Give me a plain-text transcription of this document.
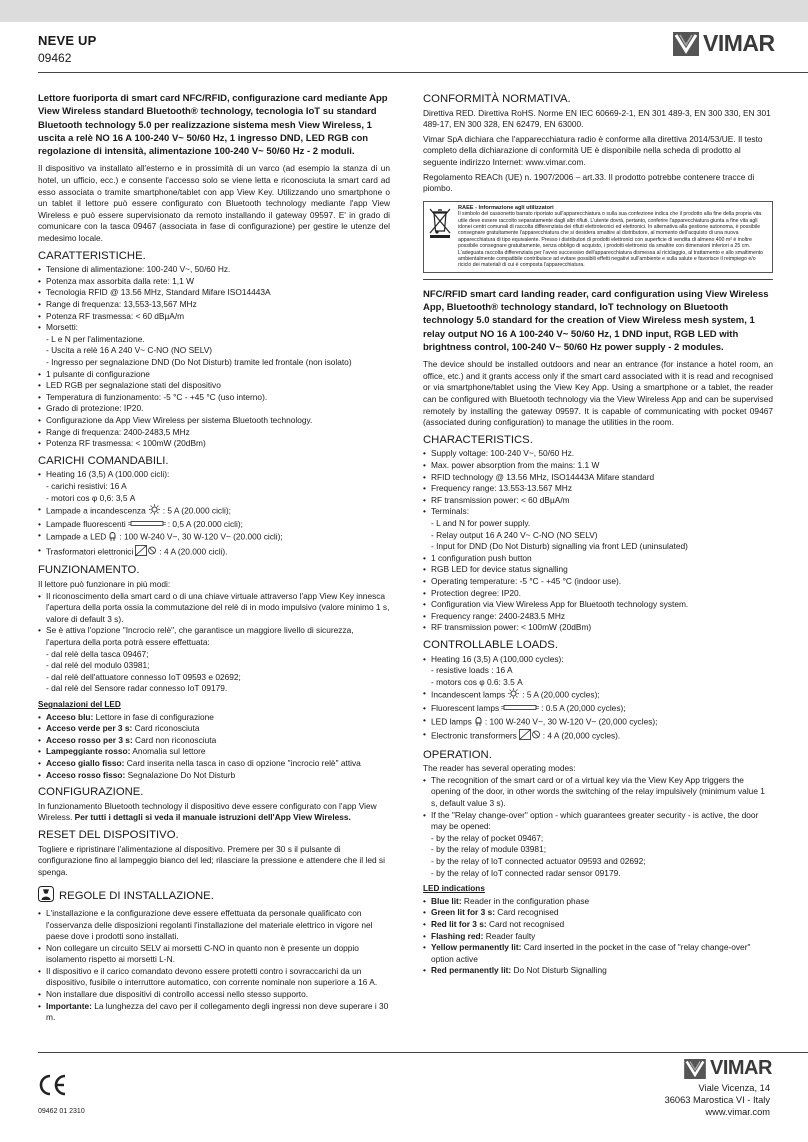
NEVE UP
09462
VIMAR

Lettore fuoriporta di smart card NFC/RFID, configurazione card mediante App View Wireless standard Bluetooth® technology, tecnologia IoT su standard Bluetooth technology 5.0 per realizzazione sistema mesh View Wireless, 1 uscita a relè NO 16 A 100-240 V~ 50/60 Hz, 1 ingresso DND, LED RGB con regolazione di intensità, alimentazione 100-240 V~ 50/60 Hz - 2 moduli.

Il dispositivo va installato all'esterno e in prossimità di un varco (ad esempio la stanza di un hotel, un ufficio, ecc.) e consente l'accesso solo se viene letta e riconosciuta la smart card ad esso associata o tramite smartphone/tablet con app View Key. Utilizzando uno smartphone o un tablet il lettore può essere configurato con Bluetooth technology mediante l'app View Wireless e può essere supervisionato da remoto installando il gateway 09597. E' in grado di comunicare con la tasca 09467 (associata in fase di configurazione) per gestire le utenze del medesimo locale.

CARATTERISTICHE.
• Tensione di alimentazione: 100-240 V~, 50/60 Hz.
• Potenza max assorbita dalla rete: 1,1 W
• Tecnologia RFID @ 13.56 MHz, Standard Mifare ISO14443A
• Range di frequenza: 13,553-13,567 MHz
• Potenza RF trasmessa: < 60 dBµA/m
• Morsetti:
- L e N per l'alimentazione.
- Uscita a relè 16 A 240 V~ C-NO (NO SELV)
- Ingresso per segnalazione DND (Do Not Disturb) tramite led frontale (non isolato)
• 1 pulsante di configurazione
• LED RGB per segnalazione stati del dispositivo
• Temperatura di funzionamento: -5 °C - +45 °C (uso interno).
• Grado di protezione: IP20.
• Configurazione da App View Wireless per sistema Bluetooth technology.
• Range di frequenza: 2400-2483,5 MHz
• Potenza RF trasmessa: < 100mW (20dBm)
CARICHI COMANDABILI.
• Heating 16 (3,5) A (100.000 cicli):
- carichi resistivi: 16 A
- motori cos φ 0,6: 3,5 A
• Lampade a incandescenza : 5 A (20.000 cicli);
• Lampade fluorescenti	: 0,5 A (20.000 cicli);
• Lampade a LED : 100 W-240 V~, 30 W-120 V~ (20.000 cicli);
• Trasformatori elettronici	: 4 A (20.000 cicli).
FUNZIONAMENTO.

Il lettore può funzionare in più modi:

• Il riconoscimento della smart card o di una chiave virtuale attraverso l'app View Key innesca l'apertura della porta ossia la commutazione del relè di in modo impulsivo (valore minimo 1 s, valore di default 3 s).
• Se è attiva l'opzione "Incrocio relè", che garantisce un maggiore livello di sicurezza, l'apertura della porta potrà essere effettuata:
- dal relè della tasca 09467;
- dal relè del modulo 03981;
- dal relè dell'attuatore connesso IoT 09593 e 02692;
- dal relè del Sensore radar connesso IoT 09179.
Segnalazioni del LED
• Acceso blu: Lettore in fase di configurazione
• Acceso verde per 3 s: Card riconosciuta
• Acceso rosso per 3 s: Card non riconosciuta
• Lampeggiante rosso: Anomalia sul lettore
• Acceso giallo fisso: Card inserita nella tasca in caso di opzione "incrocio relè" attiva
• Acceso rosso fisso: Segnalazione Do Not Disturb
CONFIGURAZIONE.

In funzionamento Bluetooth technology il dispositivo deve essere configurato con l'app View Wireless. Per tutti i dettagli si veda il manuale istruzioni dell'App View Wireless.

RESET DEL DISPOSITIVO.

Togliere e ripristinare l'alimentazione al dispositivo. Premere per 30 s il pulsante di configurazione fino al lampeggio bianco del led; rilasciare la pressione e attendere che il led si spenga.

REGOLE DI INSTALLAZIONE.
• L'installazione e la configurazione deve essere effettuata da personale qualificato con l'osservanza delle disposizioni regolanti l'installazione del materiale elettrico in vigore nel paese dove i prodotti sono installati.
• Non collegare un circuito SELV ai morsetti C-NO in quanto non è presente un doppio isolamento rispetto ai morsetti L-N.
• Il dispositivo e il carico comandato devono essere protetti contro i sovraccarichi da un dispositivo, fusibile o interruttore automatico, con corrente nominale non superiore a 16 A.
• Non installare due dispositivi di controllo accessi nello stesso supporto.
• Importante: La lunghezza del cavo per il collegamento degli ingressi non deve superare i 30 m.
CONFORMITÀ NORMATIVA.

Direttiva RED. Direttiva RoHS. Norme EN IEC 60669-2-1, EN 301 489-3, EN 300 330, EN 301 489-17, EN 300 328, EN 62479, EN 63000.

Vimar SpA dichiara che l'apparecchiatura radio è conforme alla direttiva 2014/53/UE. Il testo completo della dichiarazione di conformità UE è disponibile nella scheda di prodotto al seguente indirizzo Internet: www.vimar.com.

Regolamento REACh (UE) n. 1907/2006 – art.33. Il prodotto potrebbe contenere tracce di piombo.

RAEE - Informazione agli utilizzatori
Il simbolo del cassonetto barrato riportato sull'apparecchiatura o sulla sua confezione indica che il prodotto alla fine della propria vita utile deve essere raccolto separatamente dagli altri rifiuti. L'utente dovrà, pertanto, conferire l'apparecchiatura giunta a fine vita agli idonei centri comunali di raccolta differenziata dei rifiuti elettrotecnici ed elettronici. In alternativa alla gestione autonoma, è possibile consegnare gratuitamente l'apparecchiatura che si desidera smaltire al distributore, al momento dell'acquisto di una nuova apparecchiatura di tipo equivalente. Presso i distributori di prodotti elettronici con superficie di vendita di almeno 400 m² è inoltre possibile consegnare gratuitamente, senza obbligo di acquisto, i prodotti elettronici da smaltire con dimensioni inferiori a 25 cm. L'adeguata raccolta differenziata per l'avvio successivo dell'apparecchiatura dismessa al riciclaggio, al trattamento e allo smaltimento ambientalmente compatibile contribuisce ad evitare possibili effetti negativi sull'ambiente e sulla salute e favorisce il reimpiego e/o riciclo dei materiali di cui è composta l'apparecchiatura.

NFC/RFID smart card landing reader, card configuration using View Wireless App, Bluetooth® technology standard, IoT technology on Bluetooth technology 5.0 standard for the creation of View Wireless mesh system, 1 relay output NO 16 A 100-240 V~ 50/60 Hz, 1 DND input, RGB LED with brightness control, 100-240 V~ 50/60 Hz power supply - 2 modules.

The device should be installed outdoors and near an entrance (for instance a hotel room, an office, etc.) and it grants access only if the smart card associated with it is read and recognised or via smartphone/tablet using the View Key App. Using a smartphone or a tablet, the reader can be configured with Bluetooth technology via the View Wireless App and can be supervised remotely by installing the gateway 09597. It is capable of communicating with pocket 09467 (associated during configuration) to manage the utilities in the room.

CHARACTERISTICS.
• Supply voltage: 100-240 V~, 50/60 Hz.
• Max. power absorption from the mains: 1.1 W
• RFID technology @ 13.56 MHz, ISO14443A Mifare standard
• Frequency range: 13.553-13.567 MHz
• RF transmission power: < 60 dBµA/m
• Terminals:
- L and N for power supply.
- Relay output 16 A 240 V~ C-NO (NO SELV)
- Input for DND (Do Not Disturb) signalling via front LED (uninsulated)
• 1 configuration push button
• RGB LED for device status signalling
• Operating temperature: -5 °C - +45 °C (indoor use).
• Protection degree: IP20.
• Configuration via View Wireless App for Bluetooth technology system.
• Frequency range: 2400-2483.5 MHz
• RF transmission power: < 100mW (20dBm)
CONTROLLABLE LOADS.
• Heating 16 (3,5) A (100,000 cycles):
- resistive loads : 16 A
- motors cos φ 0.6: 3.5 A
• Incandescent lamps : 5 A (20,000 cycles);
• Fluorescent lamps	: 0.5 A (20,000 cycles);
• LED lamps : 100 W-240 V~, 30 W-120 V~ (20,000 cycles);
• Electronic transformers	: 4 A (20,000 cycles).
OPERATION.

The reader has several operating modes:

• The recognition of the smart card or of a virtual key via the View Key App triggers the opening of the door, in other words the switching of the relay impulsively (minimum value 1 s, default value 3 s).
• If the "Relay change-over" option - which guarantees greater security - is active, the door may be opened:
- by the relay of pocket 09467;
- by the relay of module 03981;
- by the relay of IoT connected actuator 09593 and 02692;
- by the relay of IoT connected radar sensor 09179.
LED indications
• Blue lit: Reader in the configuration phase
• Green lit for 3 s: Card recognised
• Red lit for 3 s: Card not recognised
• Flashing red: Reader faulty
• Yellow permanently lit: Card inserted in the pocket in the case of "relay change-over" option active
• Red permanently lit: Do Not Disturb Signalling
09462 01 2310
VIMAR
Viale Vicenza, 14
36063 Marostica VI - Italy
www.vimar.com
